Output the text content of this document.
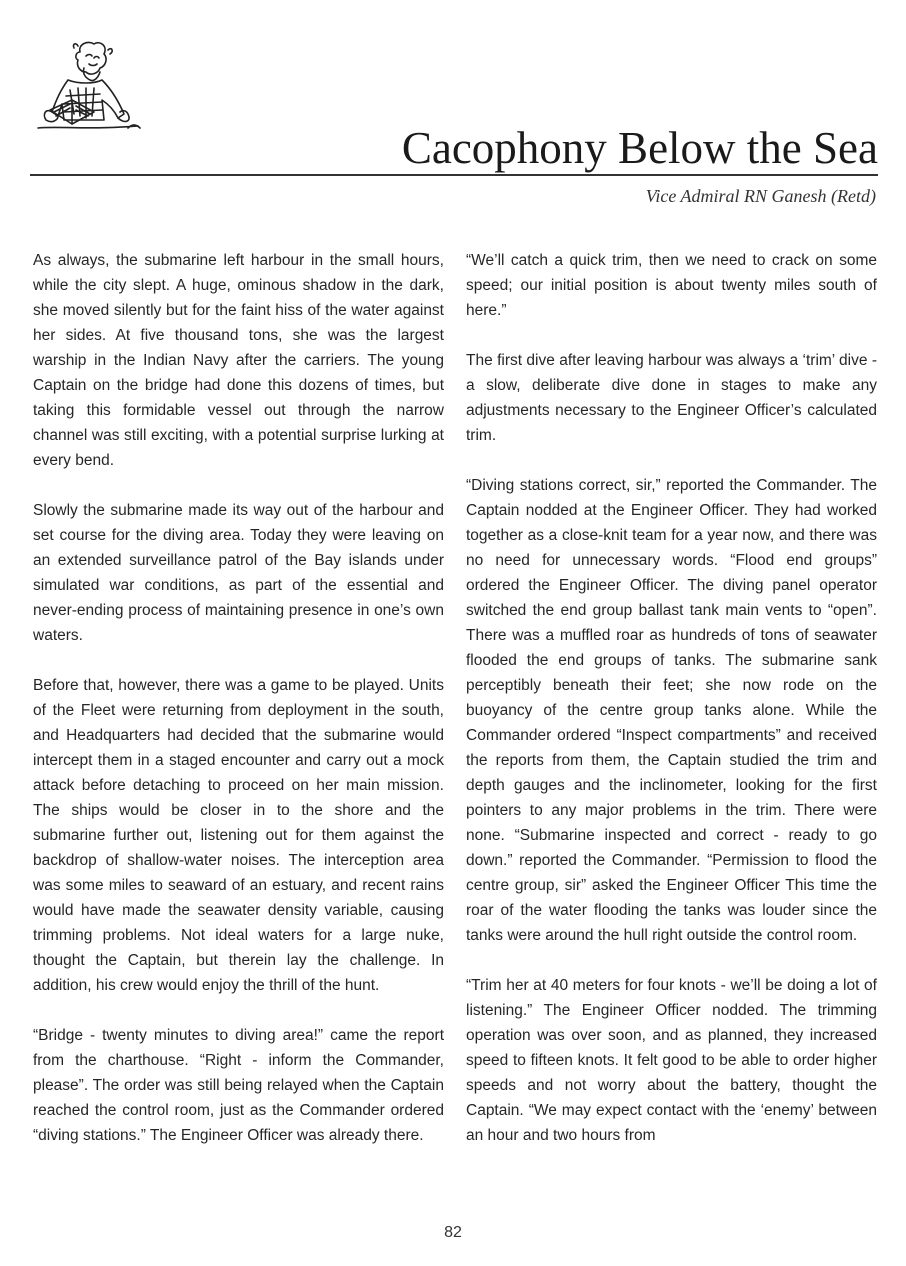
Cacophony Below the Sea
Vice Admiral RN Ganesh (Retd)

As always, the submarine left harbour in the small hours, while the city slept. A huge, ominous shadow in the dark, she moved silently but for the faint hiss of the water against her sides. At five thousand tons, she was the largest warship in the Indian Navy after the carriers. The young Captain on the bridge had done this dozens of times, but taking this formidable vessel out through the narrow channel was still exciting, with a potential surprise lurking at every bend.

Slowly the submarine made its way out of the harbour and set course for the diving area. Today they were leaving on an extended surveillance patrol of the Bay islands under simulated war conditions, as part of the essential and never-ending process of maintaining presence in one’s own waters.

Before that, however, there was a game to be played. Units of the Fleet were returning from deployment in the south, and Headquarters had decided that the submarine would intercept them in a staged encounter and carry out a mock attack before detaching to proceed on her main mission. The ships would be closer in to the shore and the submarine further out, listening out for them against the backdrop of shallow-water noises. The interception area was some miles to seaward of an estuary, and recent rains would have made the seawater density variable, causing trimming problems. Not ideal waters for a large nuke, thought the Captain, but therein lay the challenge. In addition, his crew would enjoy the thrill of the hunt.

“Bridge - twenty minutes to diving area!” came the report from the charthouse. “Right - inform the Commander, please”. The order was still being relayed when the Captain reached the control room, just as the Commander ordered “diving stations.” The Engineer Officer was already there.

“We’ll catch a quick trim, then we need to crack on some speed; our initial position is about twenty miles south of here.”

The first dive after leaving harbour was always a ‘trim’ dive - a slow, deliberate dive done in stages to make any adjustments necessary to the Engineer Officer’s calculated trim.

“Diving stations correct, sir,” reported the Commander. The Captain nodded at the Engineer Officer. They had worked together as a close-knit team for a year now, and there was no need for unnecessary words. “Flood end groups” ordered the Engineer Officer. The diving panel operator switched the end group ballast tank main vents to “open”. There was a muffled roar as hundreds of tons of seawater flooded the end groups of tanks. The submarine sank perceptibly beneath their feet; she now rode on the buoyancy of the centre group tanks alone. While the Commander ordered “Inspect compartments” and received the reports from them, the Captain studied the trim and depth gauges and the inclinometer, looking for the first pointers to any major problems in the trim. There were none. “Submarine inspected and correct - ready to go down.” reported the Commander. “Permission to flood the centre group, sir” asked the Engineer Officer This time the roar of the water flooding the tanks was louder since the tanks were around the hull right outside the control room.

“Trim her at 40 meters for four knots - we’ll be doing a lot of listening.” The Engineer Officer nodded. The trimming operation was over soon, and as planned, they increased speed to fifteen knots. It felt good to be able to order higher speeds and not worry about the battery, thought the Captain. “We may expect contact with the ‘enemy’ between an hour and two hours from

82
